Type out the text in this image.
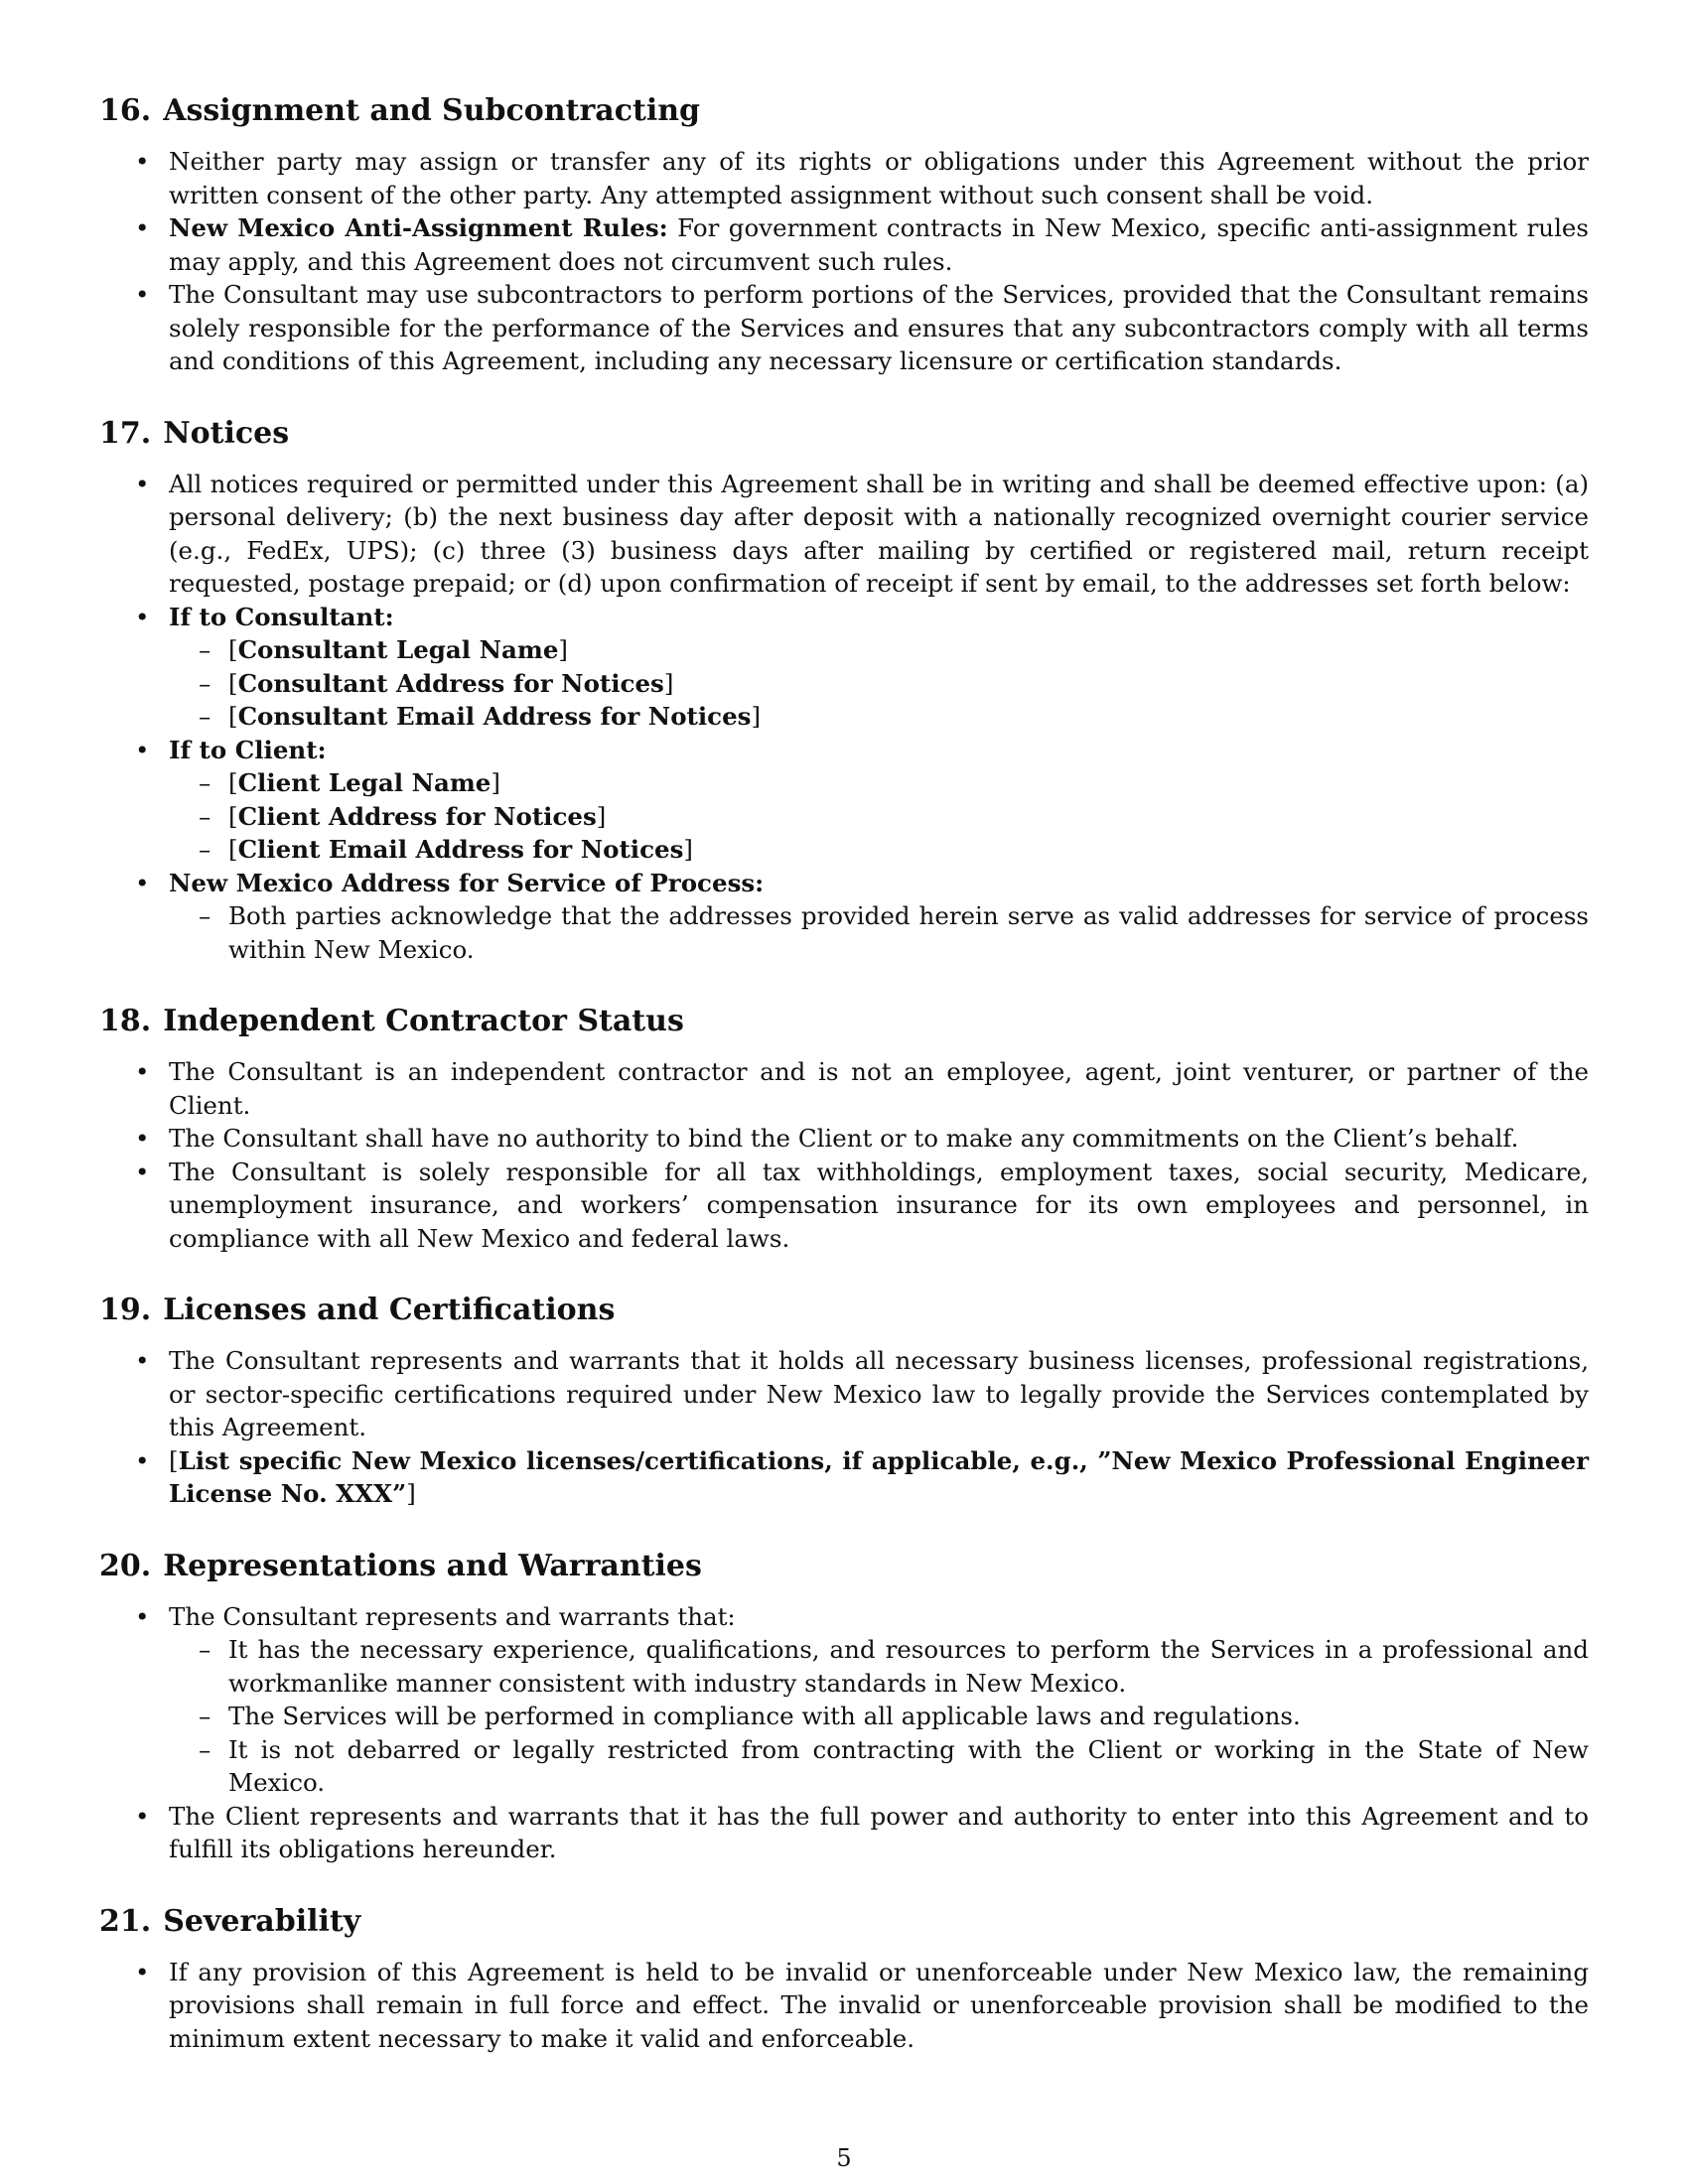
16. Assignment and Subcontracting
• Neither party may assign or transfer any of its rights or obligations under this Agreement without the prior written consent of the other party. Any attempted assignment without such consent shall be void.
• New Mexico Anti-Assignment Rules: For government contracts in New Mexico, specific anti-assignment rules may apply, and this Agreement does not circumvent such rules.
• The Consultant may use subcontractors to perform portions of the Services, provided that the Consultant remains solely responsible for the performance of the Services and ensures that any subcontractors comply with all terms and conditions of this Agreement, including any necessary licensure or certification standards.
17. Notices
• All notices required or permitted under this Agreement shall be in writing and shall be deemed effective upon: (a) personal delivery; (b) the next business day after deposit with a nationally recognized overnight courier service (e.g., FedEx, UPS); (c) three (3) business days after mailing by certified or registered mail, return receipt requested, postage prepaid; or (d) upon confirmation of receipt if sent by email, to the addresses set forth below:
• If to Consultant:
– [Consultant Legal Name]
– [Consultant Address for Notices]
– [Consultant Email Address for Notices]
• If to Client:
– [Client Legal Name]
– [Client Address for Notices]
– [Client Email Address for Notices]
• New Mexico Address for Service of Process:
– Both parties acknowledge that the addresses provided herein serve as valid addresses for service of process within New Mexico.
18. Independent Contractor Status
• The Consultant is an independent contractor and is not an employee, agent, joint venturer, or partner of the Client.
• The Consultant shall have no authority to bind the Client or to make any commitments on the Client’s behalf.
• The Consultant is solely responsible for all tax withholdings, employment taxes, social security, Medicare, unemployment insurance, and workers’ compensation insurance for its own employees and personnel, in compliance with all New Mexico and federal laws.
19. Licenses and Certifications
• The Consultant represents and warrants that it holds all necessary business licenses, professional registrations, or sector-specific certifications required under New Mexico law to legally provide the Services contemplated by this Agreement.
• [List specific New Mexico licenses/certifications, if applicable, e.g., ”New Mexico Professional Engineer License No. XXX”]
20. Representations and Warranties
• The Consultant represents and warrants that:
– It has the necessary experience, qualifications, and resources to perform the Services in a professional and workmanlike manner consistent with industry standards in New Mexico.
– The Services will be performed in compliance with all applicable laws and regulations.
– It is not debarred or legally restricted from contracting with the Client or working in the State of New Mexico.
• The Client represents and warrants that it has the full power and authority to enter into this Agreement and to fulfill its obligations hereunder.
21. Severability
• If any provision of this Agreement is held to be invalid or unenforceable under New Mexico law, the remaining provisions shall remain in full force and effect. The invalid or unenforceable provision shall be modified to the minimum extent necessary to make it valid and enforceable.
5
